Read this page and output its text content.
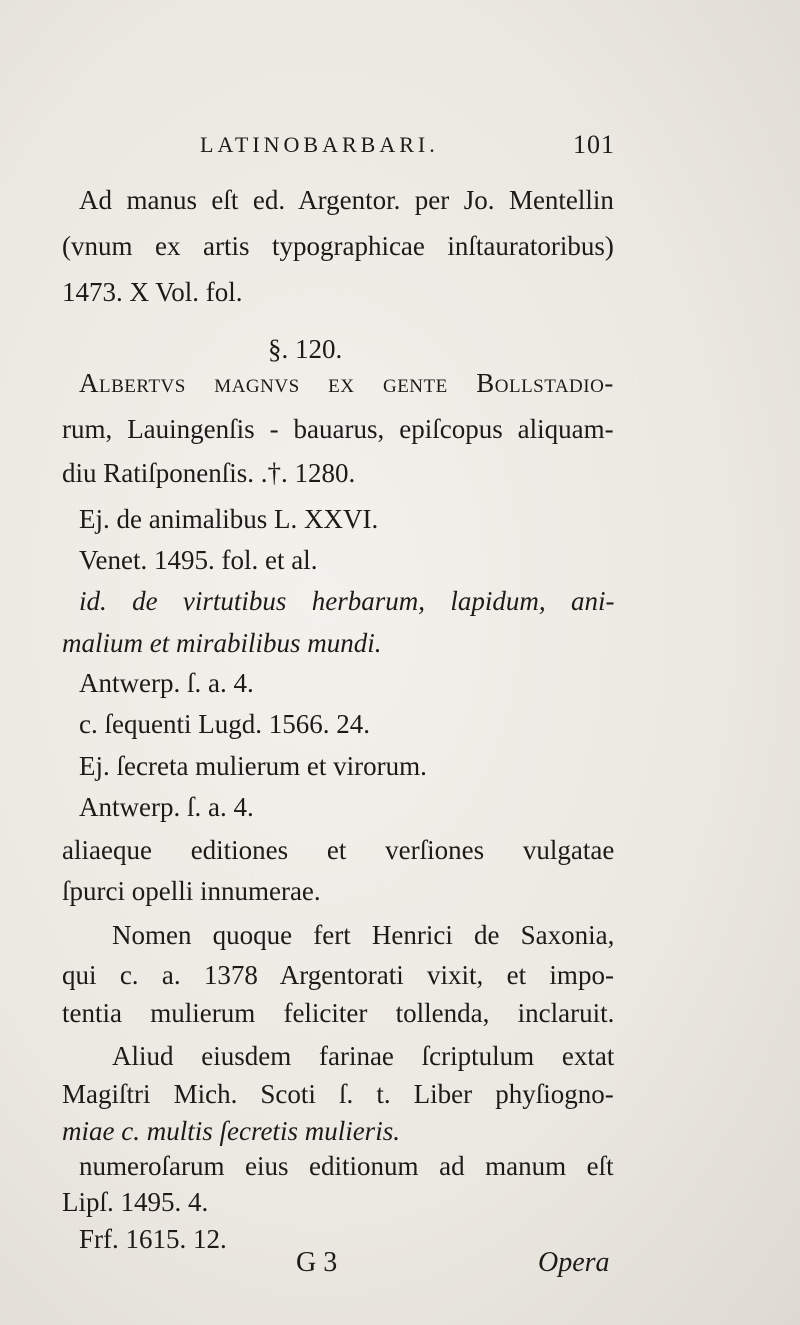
LATINOBARBARI.	101
Ad manus eſt ed. Argentor. per Jo. Mentellin
(vnum ex artis typographicae inſtauratoribus)
1473. X Vol. fol.
§. 120.
Albertvs magnvs ex gente Bollſtadio-
rum, Lauingenſis - bauarus, epiſcopus aliquam-
diu Ratiſponenſis. .†. 1280.
Ej. de animalibus L. XXVI.
Venet. 1495. fol. et al.
id. de virtutibus herbarum, lapidum, ani-
malium et mirabilibus mundi.
Antwerp. ſ. a. 4.
c. ſequenti Lugd. 1566. 24.
Ej. ſecreta mulierum et virorum.
Antwerp. ſ. a. 4.
aliaeque editiones et verſiones vulgatae
ſpurci opelli innumerae.
Nomen quoque fert Henrici de Saxonia,
qui c. a. 1378 Argentorati vixit, et impo-
tentia mulierum feliciter tollenda, inclaruit.
Aliud eiusdem farinae ſcriptulum extat
Magiſtri Mich. Scoti ſ. t. Liber phyſiogno-
miae c. multis ſecretis mulieris.
numeroſarum eius editionum ad manum eſt
Lipſ. 1495. 4.
Frf. 1615. 12.
G 3	Opera
